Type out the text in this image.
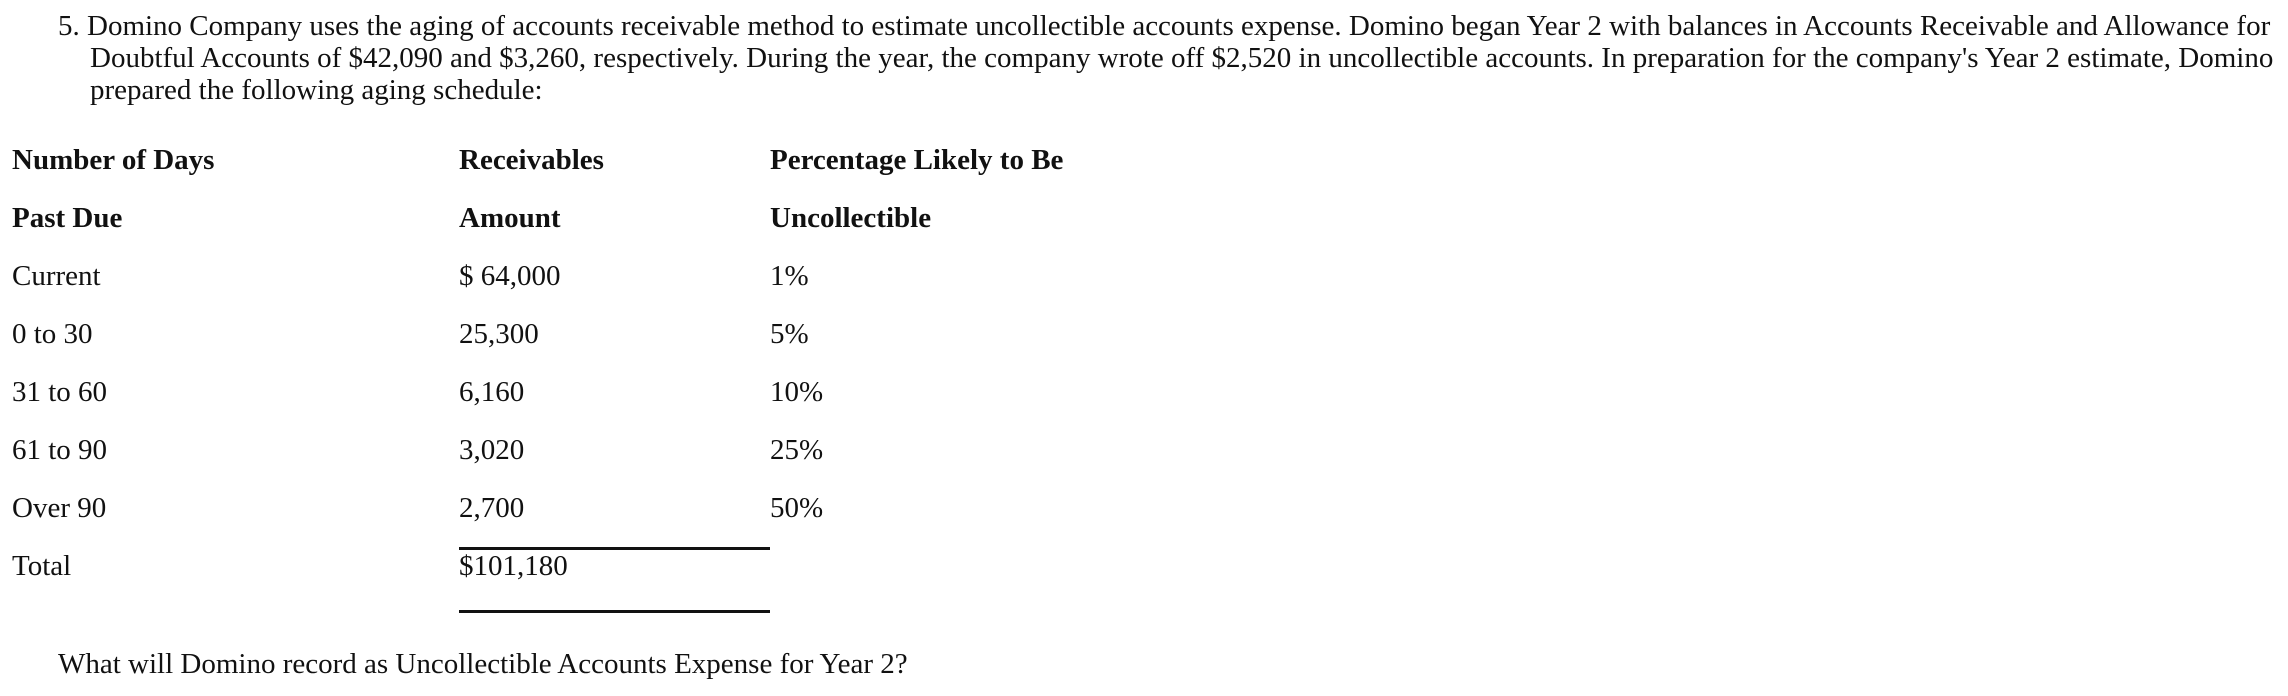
5. Domino Company uses the aging of accounts receivable method to estimate uncollectible accounts expense. Domino began Year 2 with balances in Accounts Receivable and Allowance for Doubtful Accounts of $42,090 and $3,260, respectively. During the year, the company wrote off $2,520 in uncollectible accounts. In preparation for the company's Year 2 estimate, Domino prepared the following aging schedule:
Number of Days	Receivables	Percentage Likely to Be
Past Due	Amount	Uncollectible
Current	$ 64,000	1%
0 to 30	25,300	5%
31 to 60	6,160	10%
61 to 90	3,020	25%
Over 90	2,700	50%
Total	$101,180
What will Domino record as Uncollectible Accounts Expense for Year 2?
